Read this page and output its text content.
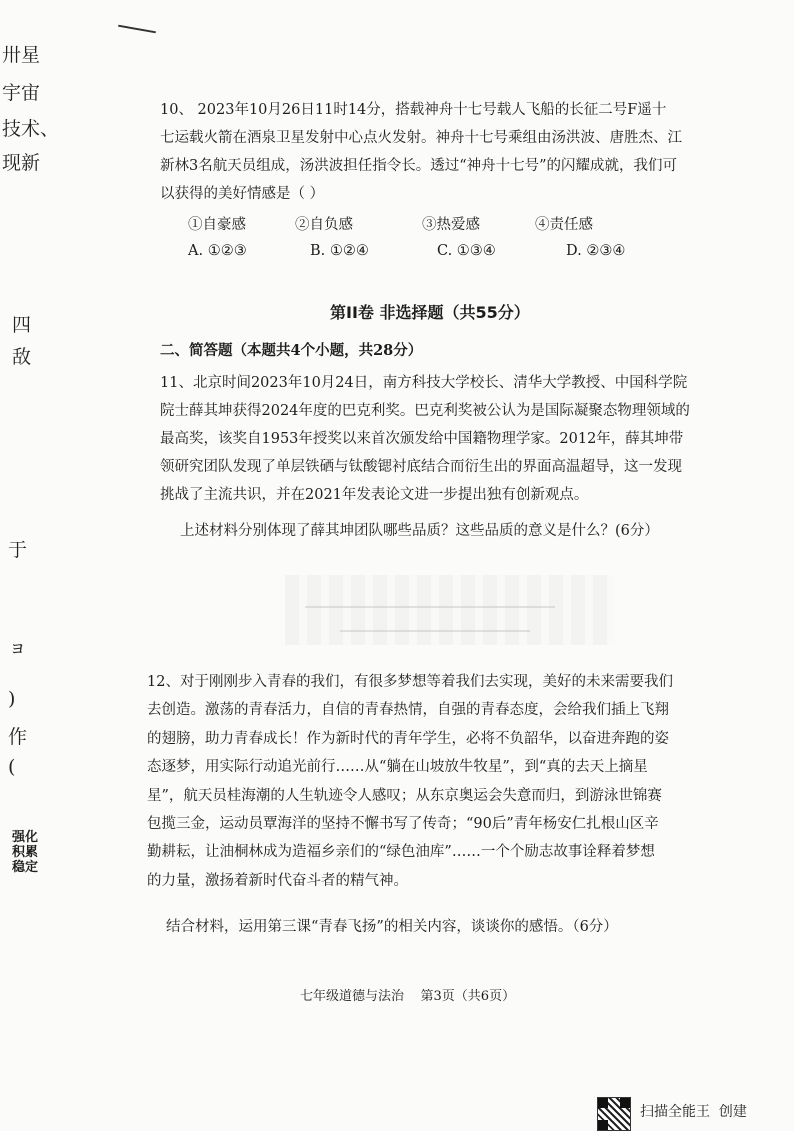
卅星
宇宙
技术、
现新
四
敌
于
ョ
)
作
(
强化
积累
稳定
10、 2023年10月26日11时14分，搭载神舟十七号载人飞船的长征二号F遥十
七运载火箭在酒泉卫星发射中心点火发射。神舟十七号乘组由汤洪波、唐胜杰、江
新林3名航天员组成，汤洪波担任指令长。透过“神舟十七号”的闪耀成就，我们可
以获得的美好情感是（ ）
①自豪感	②自负感	③热爱感	④责任感
A. ①②③	B. ①②④	C. ①③④	D. ②③④
第II卷 非选择题（共55分）
二、简答题（本题共4个小题，共28分）
11、北京时间2023年10月24日，南方科技大学校长、清华大学教授、中国科学院
院士薛其坤获得2024年度的巴克利奖。巴克利奖被公认为是国际凝聚态物理领域的
最高奖，该奖自1953年授奖以来首次颁发给中国籍物理学家。2012年，薛其坤带
领研究团队发现了单层铁硒与钛酸锶衬底结合而衍生出的界面高温超导，这一发现
挑战了主流共识，并在2021年发表论文进一步提出独有创新观点。
上述材料分别体现了薛其坤团队哪些品质？这些品质的意义是什么？(6分）
12、对于刚刚步入青春的我们，有很多梦想等着我们去实现，美好的未来需要我们
去创造。激荡的青春活力，自信的青春热情，自强的青春态度，会给我们插上飞翔
的翅膀，助力青春成长！作为新时代的青年学生，必将不负韶华，以奋进奔跑的姿
态逐梦，用实际行动追光前行……从“躺在山坡放牛牧星”，到“真的去天上摘星
星”，航天员桂海潮的人生轨迹令人感叹；从东京奥运会失意而归，到游泳世锦赛
包揽三金，运动员覃海洋的坚持不懈书写了传奇；“90后”青年杨安仁扎根山区辛
勤耕耘，让油桐林成为造福乡亲们的“绿色油库”……一个个励志故事诠释着梦想
的力量，激扬着新时代奋斗者的精气神。
结合材料，运用第三课“青春飞扬”的相关内容，谈谈你的感悟。（6分）
七年级道德与法治    第3页（共6页）
扫描全能王  创建
